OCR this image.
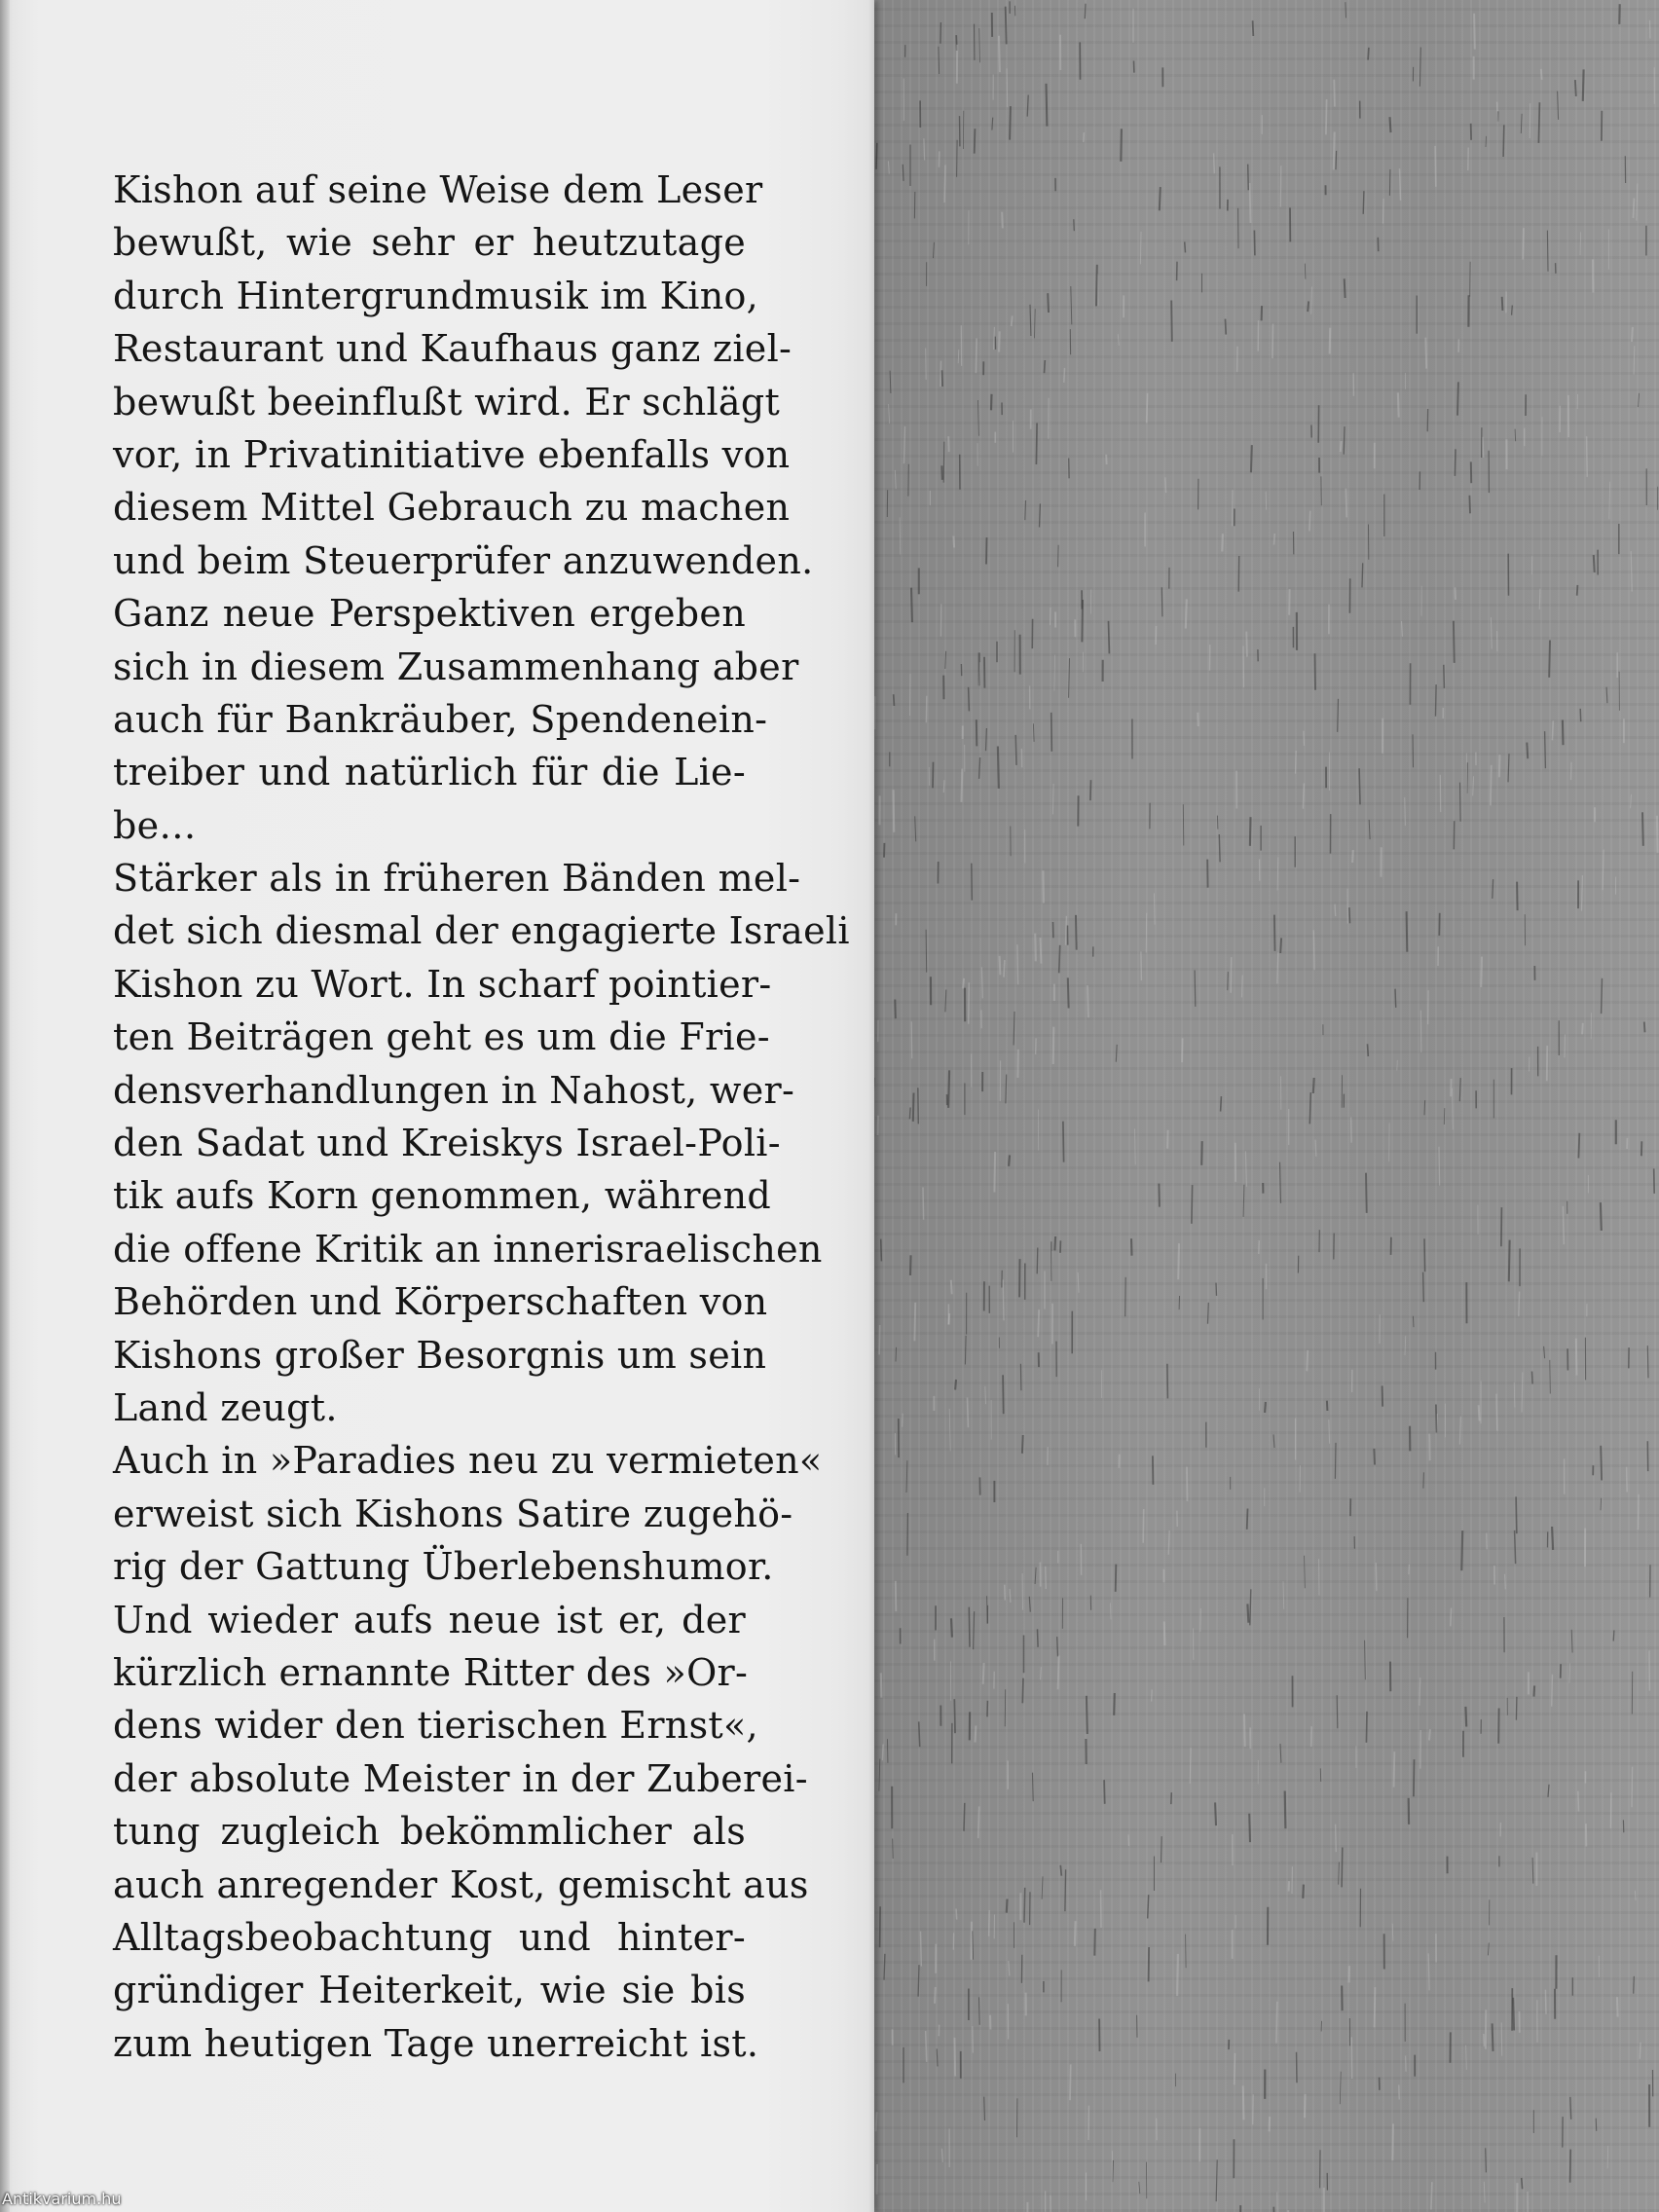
Kishon auf seine Weise dem Leser
bewußt, wie sehr er heutzutage
durch Hintergrundmusik im Kino,
Restaurant und Kaufhaus ganz ziel-
bewußt beeinflußt wird. Er schlägt
vor, in Privatinitiative ebenfalls von
diesem Mittel Gebrauch zu machen
und beim Steuerprüfer anzuwenden.
Ganz neue Perspektiven ergeben
sich in diesem Zusammenhang aber
auch für Bankräuber, Spendenein-
treiber und natürlich für die Lie-
be…
Stärker als in früheren Bänden mel-
det sich diesmal der engagierte Israeli
Kishon zu Wort. In scharf pointier-
ten Beiträgen geht es um die Frie-
densverhandlungen in Nahost, wer-
den Sadat und Kreiskys Israel-Poli-
tik aufs Korn genommen, während
die offene Kritik an innerisraelischen
Behörden und Körperschaften von
Kishons großer Besorgnis um sein
Land zeugt.
Auch in »Paradies neu zu vermieten«
erweist sich Kishons Satire zugehö-
rig der Gattung Überlebenshumor.
Und wieder aufs neue ist er, der
kürzlich ernannte Ritter des »Or-
dens wider den tierischen Ernst«,
der absolute Meister in der Zuberei-
tung zugleich bekömmlicher als
auch anregender Kost, gemischt aus
Alltagsbeobachtung und hinter-
gründiger Heiterkeit, wie sie bis
zum heutigen Tage unerreicht ist.
Antikvarium.hu
